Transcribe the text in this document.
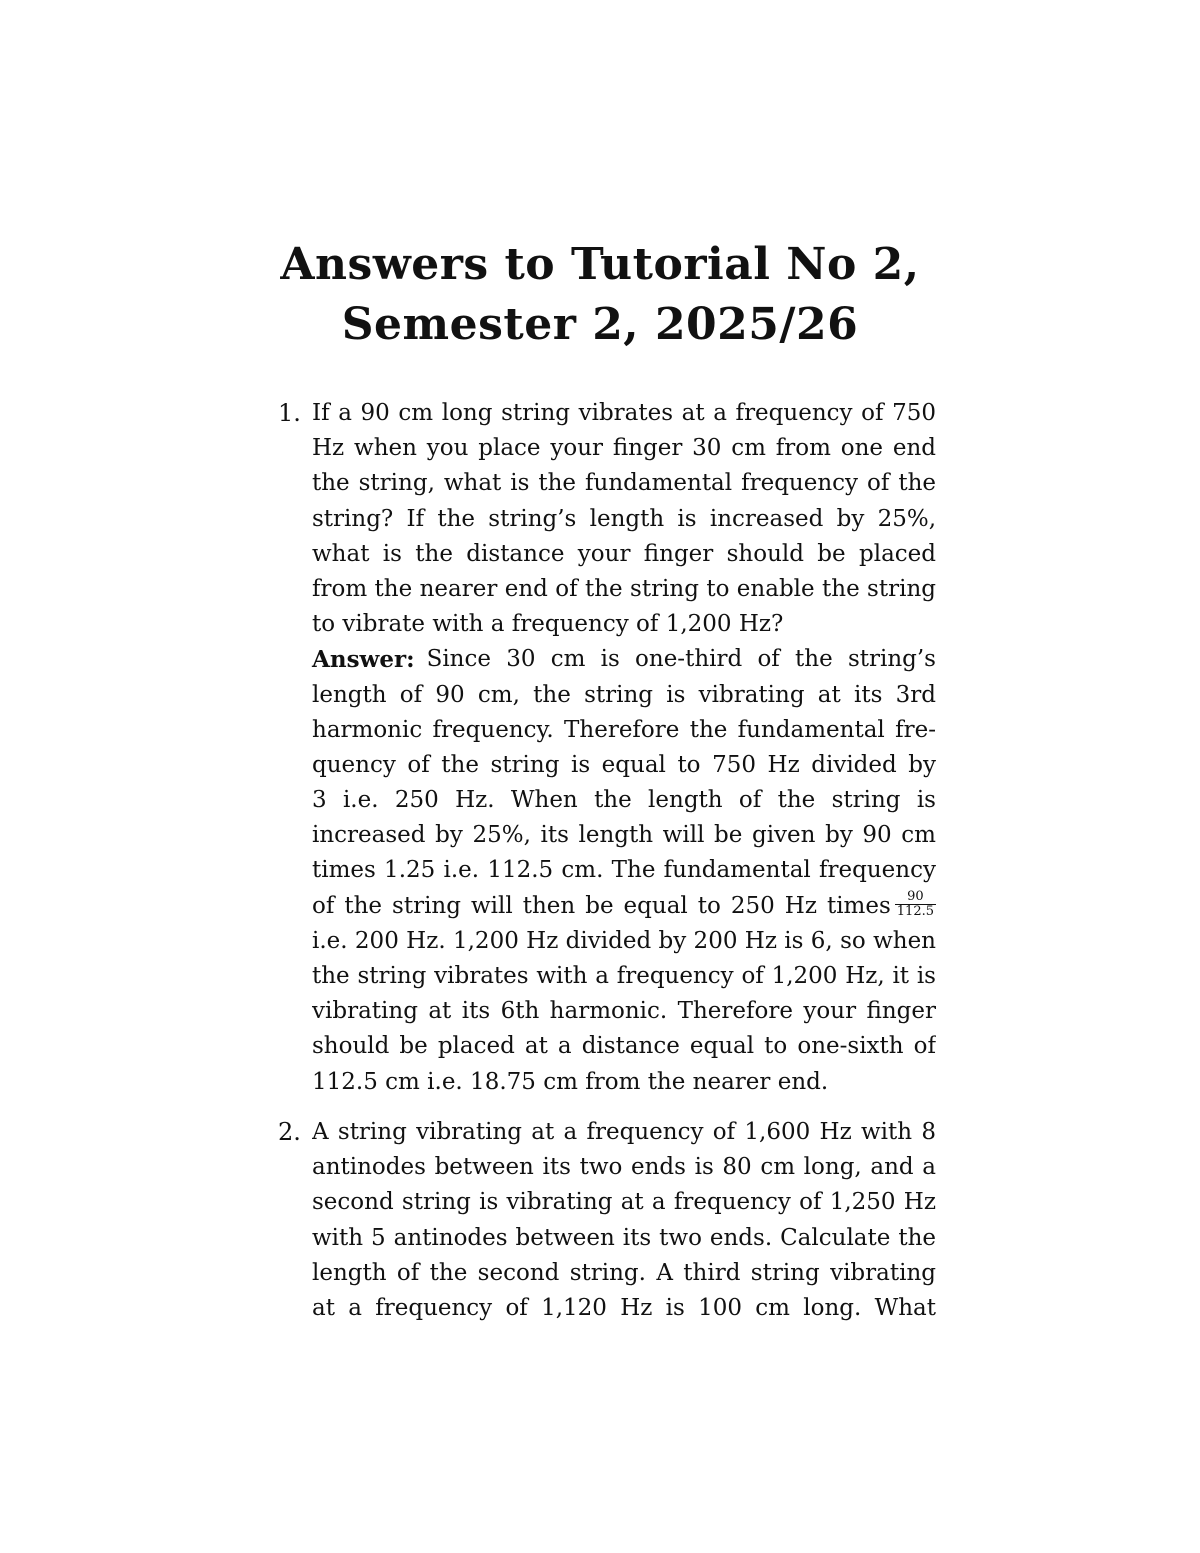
Answers to Tutorial No 2,
Semester 2, 2025/26
1. If a 90 cm long string vibrates at a frequency of 750
Hz when you place your finger 30 cm from one end
the string, what is the fundamental frequency of the
string? If the string’s length is increased by 25%,
what is the distance your finger should be placed
from the nearer end of the string to enable the string
to vibrate with a frequency of 1,200 Hz?
Answer: Since 30 cm is one-third of the string’s
length of 90 cm, the string is vibrating at its 3rd
harmonic frequency. Therefore the fundamental fre-
quency of the string is equal to 750 Hz divided by
3 i.e. 250 Hz. When the length of the string is
increased by 25%, its length will be given by 90 cm
times 1.25 i.e. 112.5 cm. The fundamental frequency
of the string will then be equal to 250 Hz times $\frac{90}{112.5}$
i.e. 200 Hz. 1,200 Hz divided by 200 Hz is 6, so when
the string vibrates with a frequency of 1,200 Hz, it is
vibrating at its 6th harmonic. Therefore your finger
should be placed at a distance equal to one-sixth of
112.5 cm i.e. 18.75 cm from the nearer end.
2. A string vibrating at a frequency of 1,600 Hz with 8
antinodes between its two ends is 80 cm long, and a
second string is vibrating at a frequency of 1,250 Hz
with 5 antinodes between its two ends. Calculate the
length of the second string. A third string vibrating
at a frequency of 1,120 Hz is 100 cm long. What
